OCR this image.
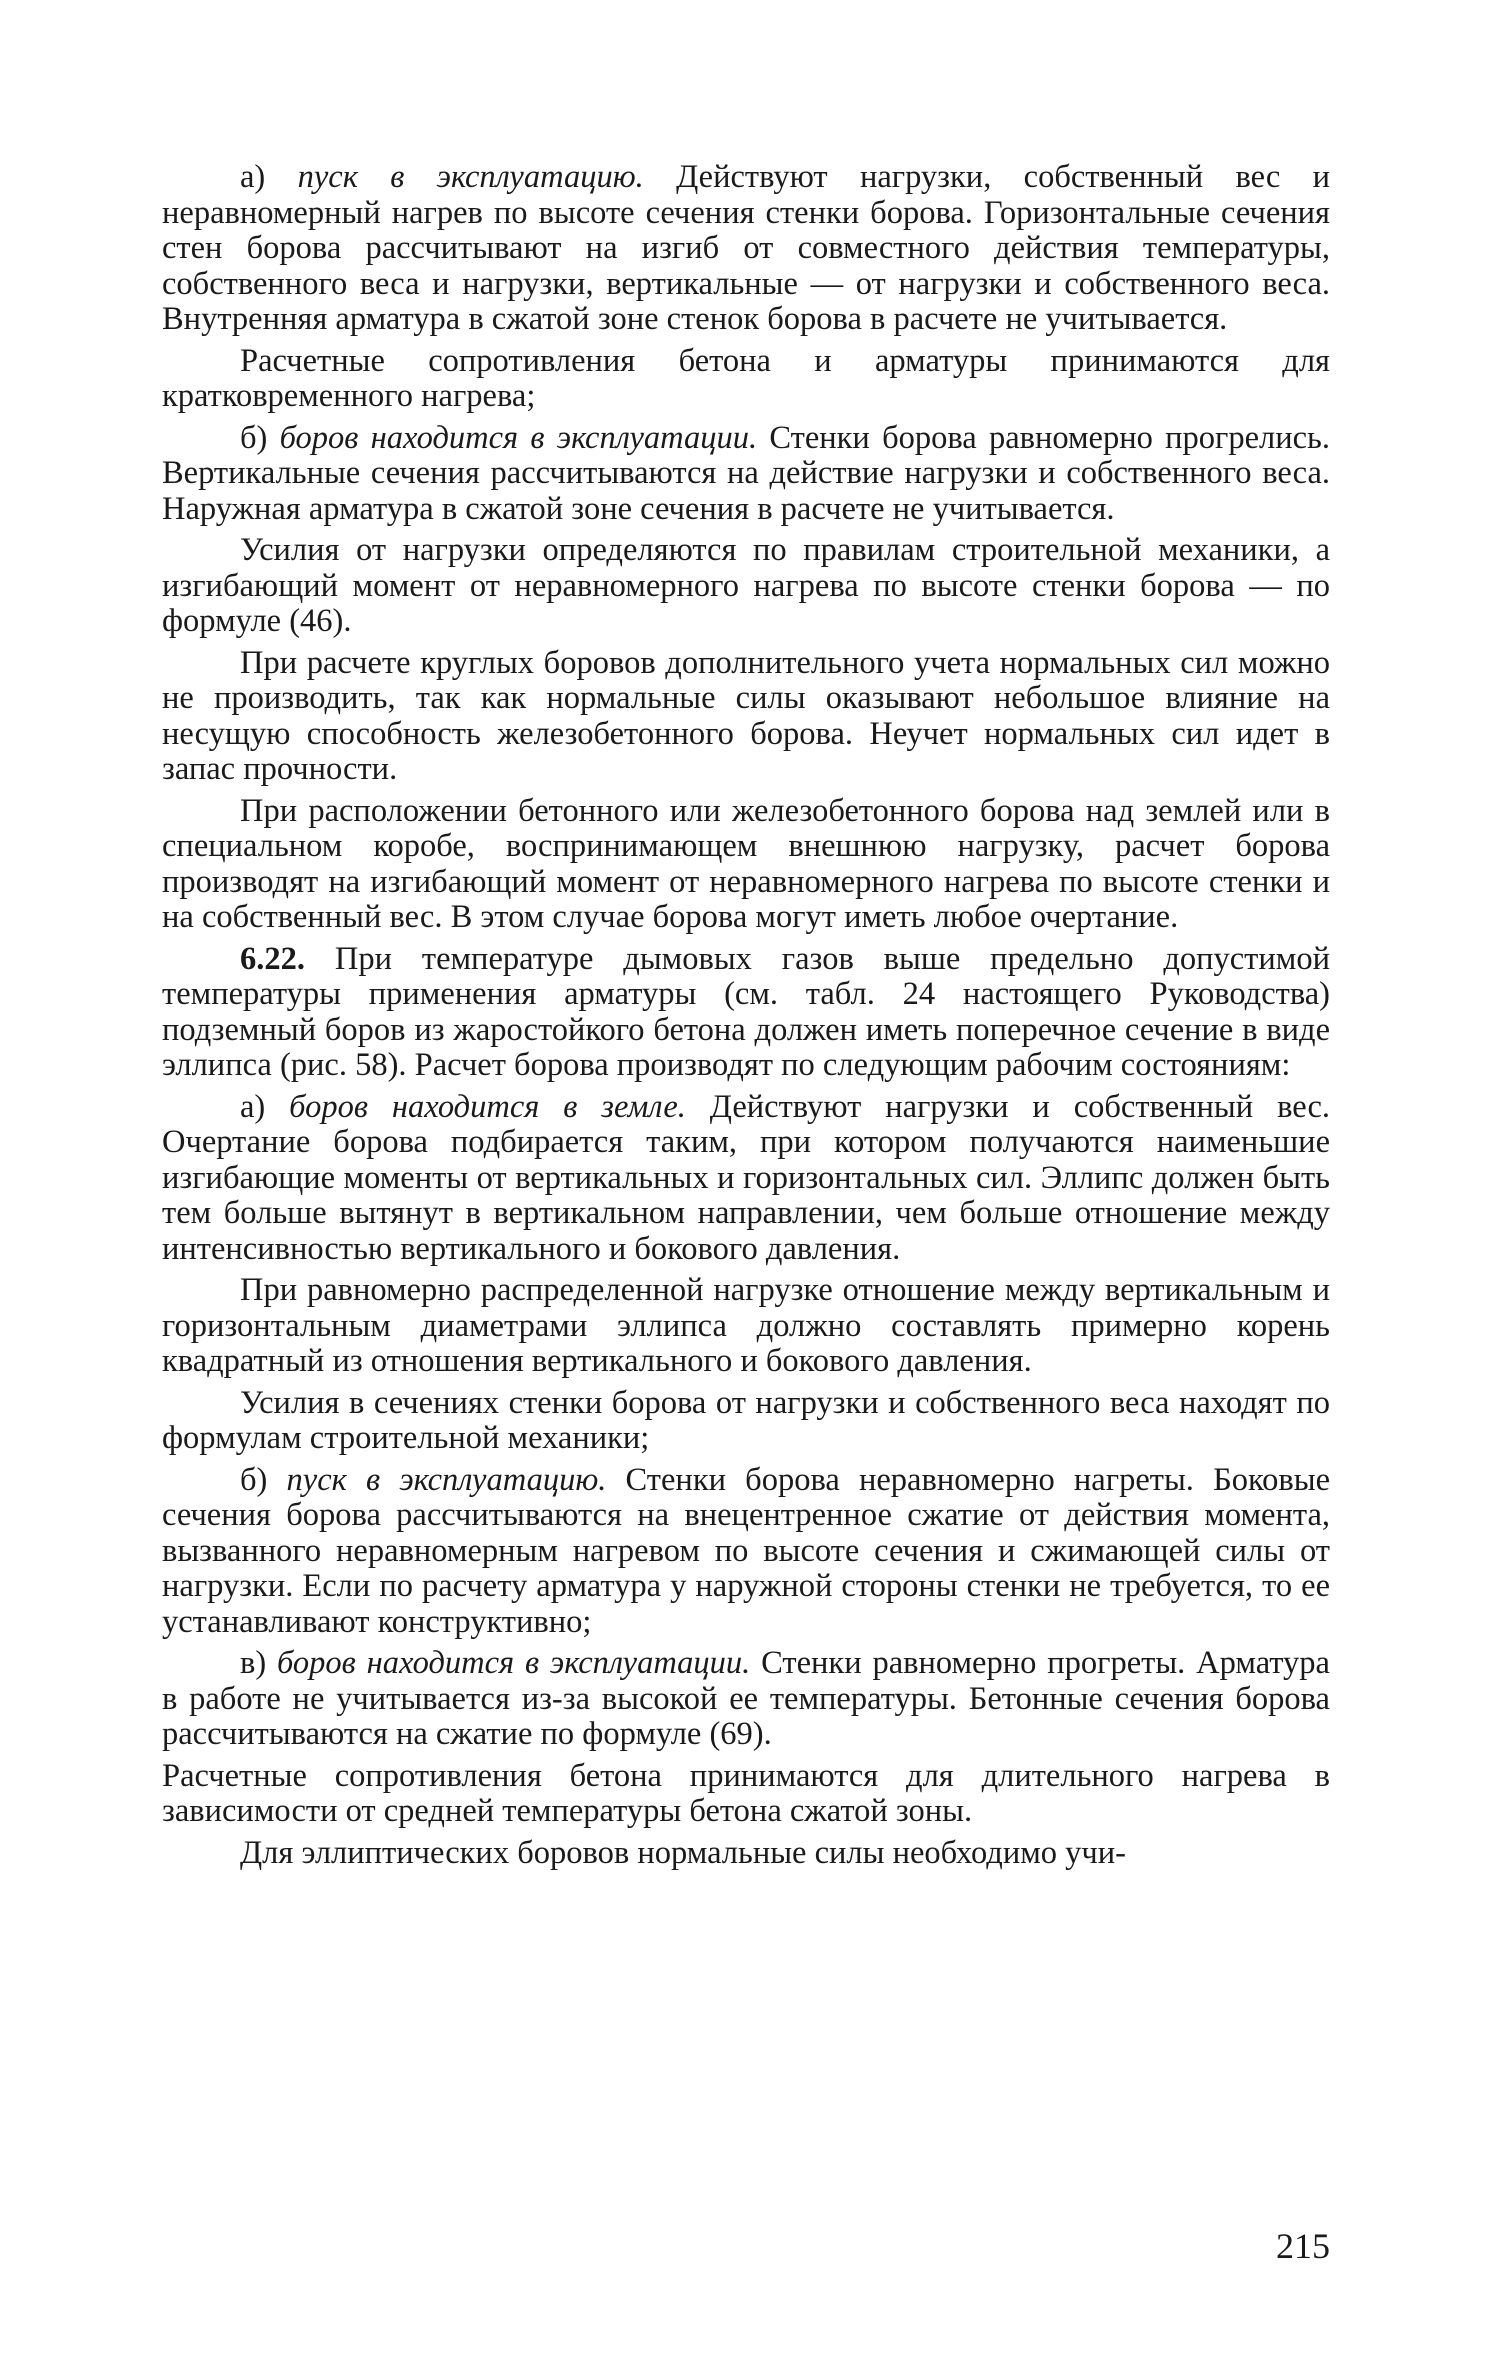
а) пуск в эксплуатацию. Действуют нагрузки, собственный вес и неравномерный нагрев по высоте сечения стенки борова. Горизонтальные сечения стен борова рассчитывают на изгиб от совместного действия температуры, собственного веса и нагрузки, вертикальные — от нагрузки и собственного веса. Внутренняя арматура в сжатой зоне стенок борова в расчете не учитывается.

Расчетные сопротивления бетона и арматуры принимаются для кратковременного нагрева;

б) боров находится в эксплуатации. Стенки борова равномерно прогрелись. Вертикальные сечения рассчитываются на действие нагрузки и собственного веса. Наружная арматура в сжатой зоне сечения в расчете не учитывается.

Усилия от нагрузки определяются по правилам строительной механики, а изгибающий момент от неравномерного нагрева по высоте стенки борова — по формуле (46).

При расчете круглых боровов дополнительного учета нормальных сил можно не производить, так как нормальные силы оказывают небольшое влияние на несущую способность железобетонного борова. Неучет нормальных сил идет в запас прочности.

При расположении бетонного или железобетонного борова над землей или в специальном коробе, воспринимающем внешнюю нагрузку, расчет борова производят на изгибающий момент от неравномерного нагрева по высоте стенки и на собственный вес. В этом случае борова могут иметь любое очертание.

6.22. При температуре дымовых газов выше предельно допустимой температуры применения арматуры (см. табл. 24 настоящего Руководства) подземный боров из жаростойкого бетона должен иметь поперечное сечение в виде эллипса (рис. 58). Расчет борова производят по следующим рабочим состояниям:

а) боров находится в земле. Действуют нагрузки и собственный вес. Очертание борова подбирается таким, при котором получаются наименьшие изгибающие моменты от вертикальных и горизонтальных сил. Эллипс должен быть тем больше вытянут в вертикальном направлении, чем больше отношение между интенсивностью вертикального и бокового давления.

При равномерно распределенной нагрузке отношение между вертикальным и горизонтальным диаметрами эллипса должно составлять примерно корень квадратный из отношения вертикального и бокового давления.

Усилия в сечениях стенки борова от нагрузки и собственного веса находят по формулам строительной механики;

б) пуск в эксплуатацию. Стенки борова неравномерно нагреты. Боковые сечения борова рассчитываются на внецентренное сжатие от действия момента, вызванного неравномерным нагревом по высоте сечения и сжимающей силы от нагрузки. Если по расчету арматура у наружной стороны стенки не требуется, то ее устанавливают конструктивно;

в) боров находится в эксплуатации. Стенки равномерно прогреты. Арматура в работе не учитывается из-за высокой ее температуры. Бетонные сечения борова рассчитываются на сжатие по формуле (69).

Расчетные сопротивления бетона принимаются для длительного нагрева в зависимости от средней температуры бетона сжатой зоны.

Для эллиптических боровов нормальные силы необходимо учи-

215
